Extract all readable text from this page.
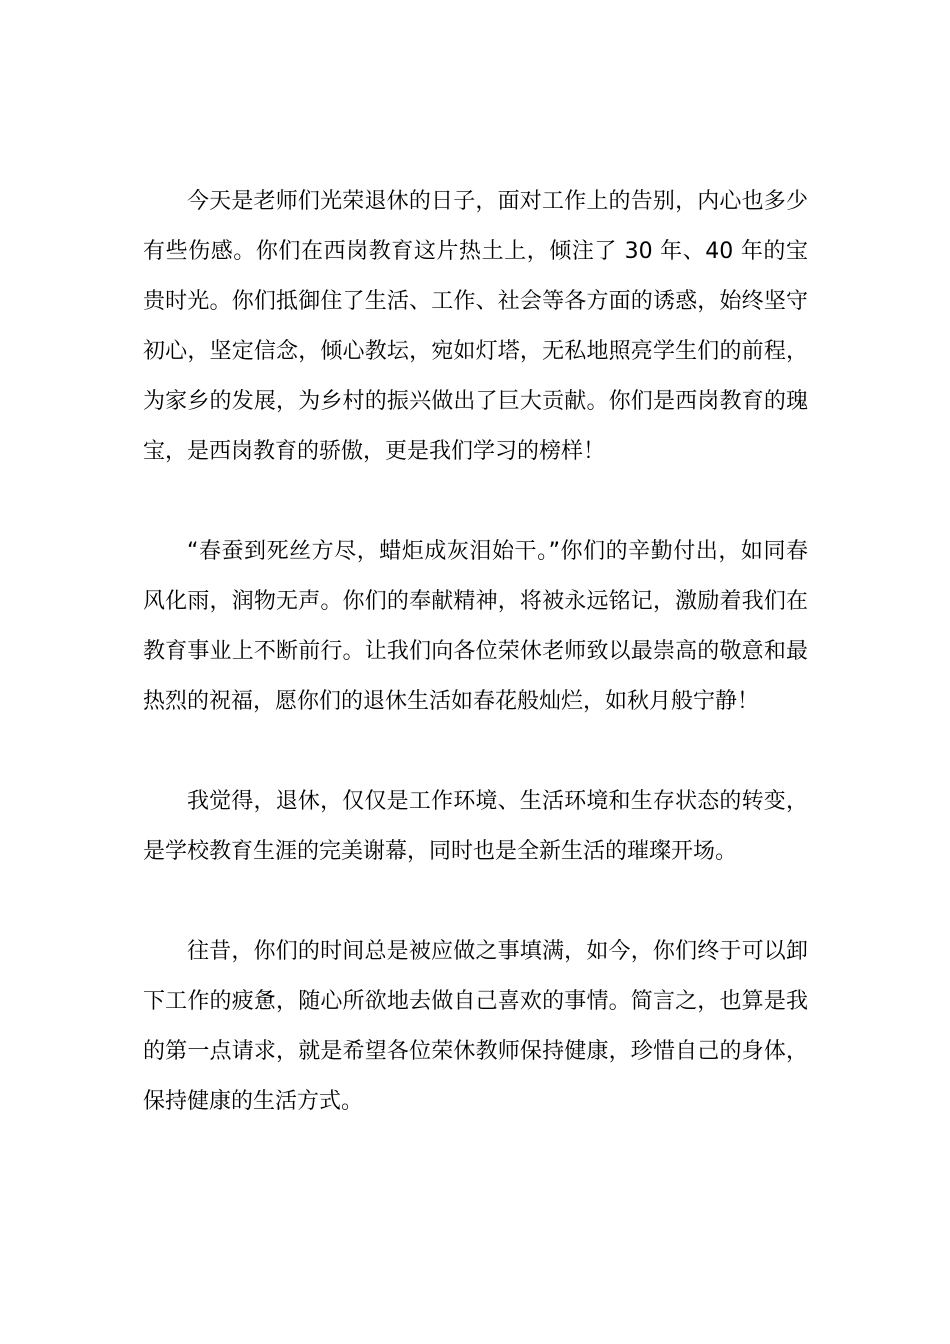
今天是老师们光荣退休的日子，面对工作上的告别，内心也多少有些伤感。你们在西岗教育这片热土上，倾注了 30 年、40 年的宝贵时光。你们抵御住了生活、工作、社会等各方面的诱惑，始终坚守初心，坚定信念，倾心教坛，宛如灯塔，无私地照亮学生们的前程，为家乡的发展，为乡村的振兴做出了巨大贡献。你们是西岗教育的瑰宝，是西岗教育的骄傲，更是我们学习的榜样！

“春蚕到死丝方尽，蜡炬成灰泪始干。”你们的辛勤付出，如同春风化雨，润物无声。你们的奉献精神，将被永远铭记，激励着我们在教育事业上不断前行。让我们向各位荣休老师致以最崇高的敬意和最热烈的祝福，愿你们的退休生活如春花般灿烂，如秋月般宁静！

我觉得，退休，仅仅是工作环境、生活环境和生存状态的转变，是学校教育生涯的完美谢幕，同时也是全新生活的璀璨开场。

往昔，你们的时间总是被应做之事填满，如今，你们终于可以卸下工作的疲惫，随心所欲地去做自己喜欢的事情。简言之，也算是我的第一点请求，就是希望各位荣休教师保持健康，珍惜自己的身体，保持健康的生活方式。
